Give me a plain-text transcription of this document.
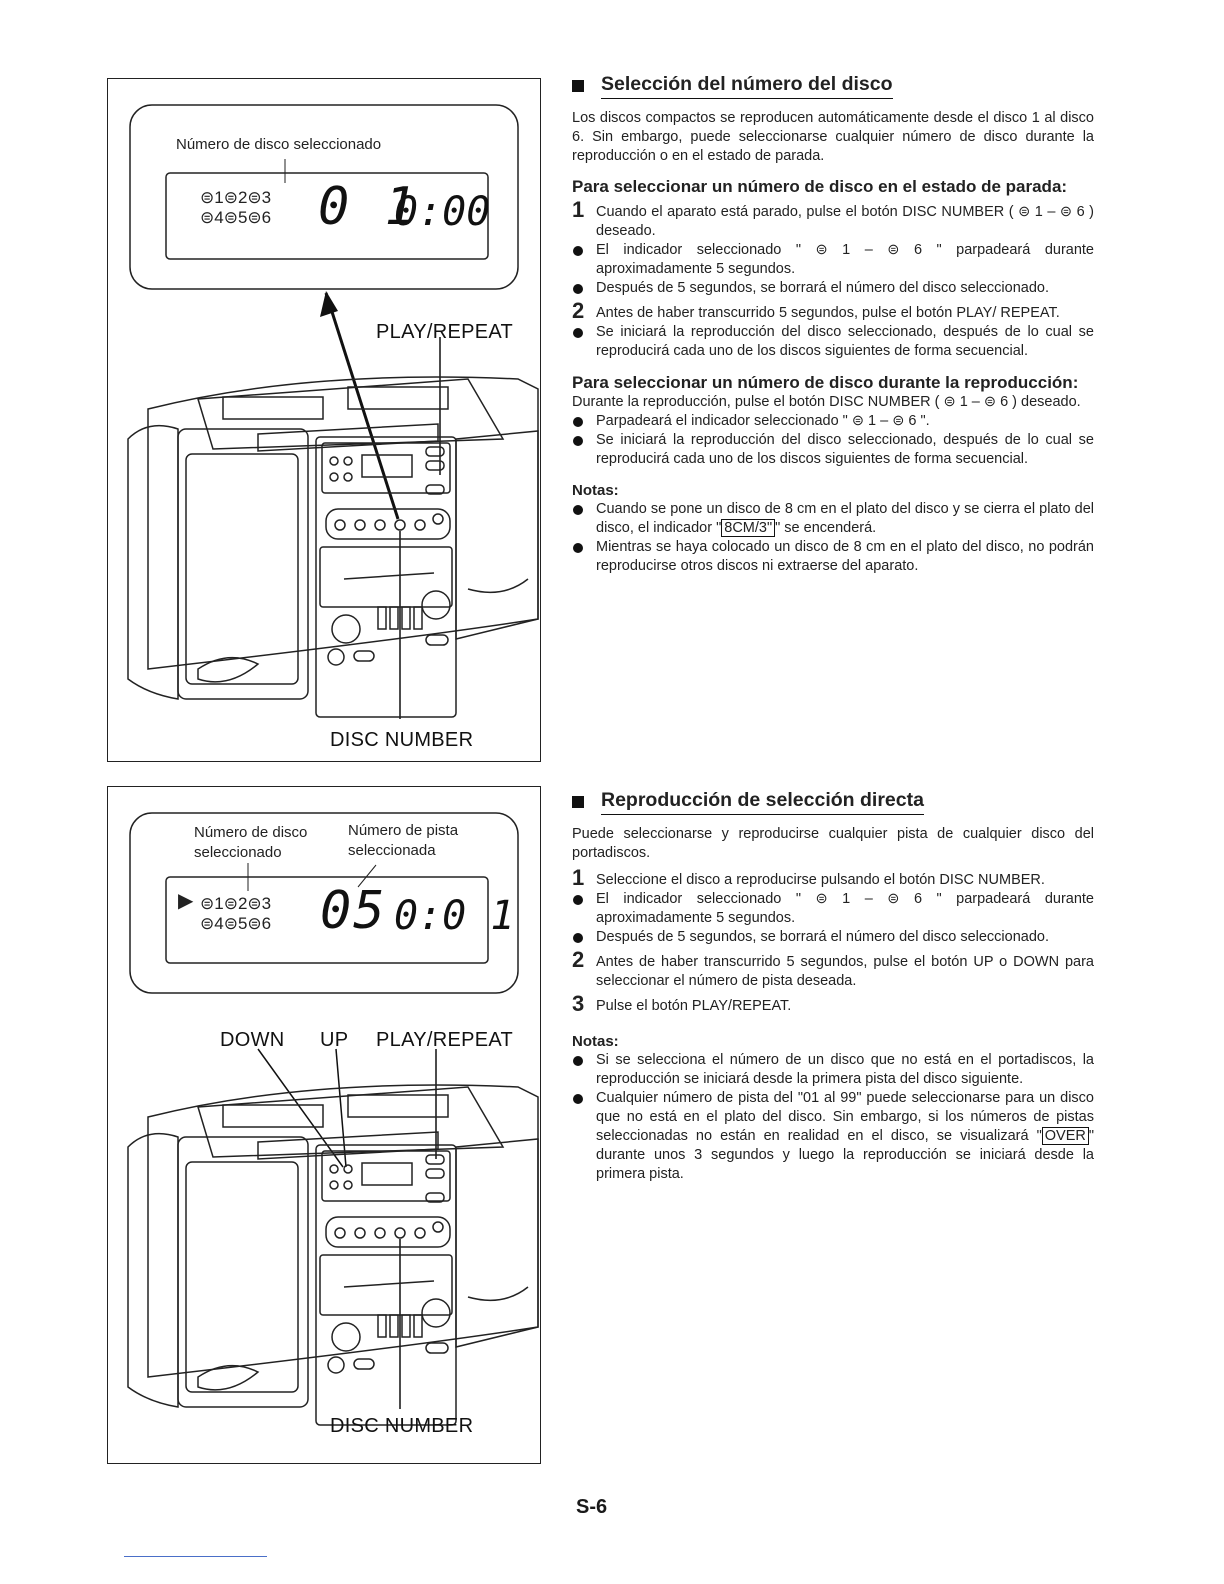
Número de disco seleccionado
⊜1⊜2⊜3
⊜4⊜5⊜6 0 1
0:00
PLAY/REPEAT
DISC NUMBER
Número de disco
seleccionado
Número de pista
seleccionada
▶ ⊜1⊜2⊜3
⊜4⊜5⊜6 05 0:0 1
DOWN UP PLAY/REPEAT
DISC NUMBER
Selección del número del disco

Los discos compactos se reproducen automáticamente desde el disco 1 al disco 6. Sin embargo, puede seleccionarse cualquier número de disco durante la reproducción o en el estado de parada.

Para seleccionar un número de disco en el estado de parada:

1 Cuando el aparato está parado, pulse el botón DISC NUMBER ( ⊜ 1 – ⊜ 6 ) deseado.
El indicador seleccionado " ⊜ 1 – ⊜ 6 " parpadeará durante aproximadamente 5 segundos.
Después de 5 segundos, se borrará el número del disco seleccionado.
2 Antes de haber transcurrido 5 segundos, pulse el botón PLAY/ REPEAT.
Se iniciará la reproducción del disco seleccionado, después de lo cual se reproducirá cada uno de los discos siguientes de forma secuencial.

Para seleccionar un número de disco durante la reproducción:

Durante la reproducción, pulse el botón DISC NUMBER ( ⊜ 1 – ⊜ 6 ) deseado.

Parpadeará el indicador seleccionado " ⊜ 1 – ⊜ 6 ".
Se iniciará la reproducción del disco seleccionado, después de lo cual se reproducirá cada uno de los discos siguientes de forma secuencial.

Notas:

Cuando se pone un disco de 8 cm en el plato del disco y se cierra el plato del disco, el indicador " 8CM/3" " se encenderá.
Mientras se haya colocado un disco de 8 cm en el plato del disco, no podrán reproducirse otros discos ni extraerse del aparato.
Reproducción de selección directa

Puede seleccionarse y reproducirse cualquier pista de cualquier disco del portadiscos.

1 Seleccione el disco a reproducirse pulsando el botón DISC NUMBER.
El indicador seleccionado " ⊜ 1 – ⊜ 6 " parpadeará durante aproximadamente 5 segundos.
Después de 5 segundos, se borrará el número del disco seleccionado.
2 Antes de haber transcurrido 5 segundos, pulse el botón UP o DOWN para seleccionar el número de pista deseada.
3 Pulse el botón PLAY/REPEAT.

Notas:

Si se selecciona el número de un disco que no está en el portadiscos, la reproducción se iniciará desde la primera pista del disco siguiente.
Cualquier número de pista del "01 al 99" puede seleccionarse para un disco que no está en el plato del disco. Sin embargo, si los números de pistas seleccionadas no están en realidad en el disco, se visualizará " OVER " durante unos 3 segundos y luego la reproducción se iniciará desde la primera pista.
S-6
